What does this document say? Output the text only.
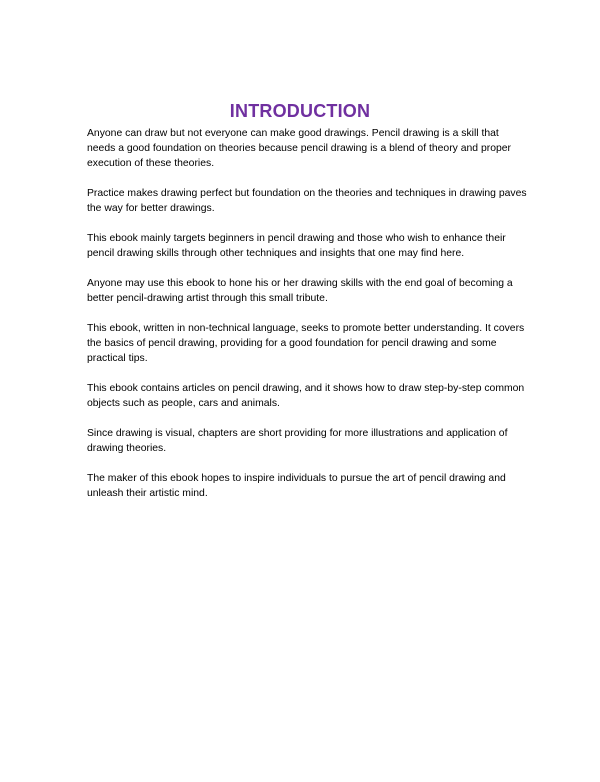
INTRODUCTION

Anyone can draw but not everyone can make good drawings. Pencil drawing is a skill that needs a good foundation on theories because pencil drawing is a blend of theory and proper execution of these theories.

Practice makes drawing perfect but foundation on the theories and techniques in drawing paves the way for better drawings.

This ebook mainly targets beginners in pencil drawing and those who wish to enhance their pencil drawing skills through other techniques and insights that one may find here.

Anyone may use this ebook to hone his or her drawing skills with the end goal of becoming a better pencil-drawing artist through this small tribute.

This ebook, written in non-technical language, seeks to promote better understanding. It covers the basics of pencil drawing, providing for a good foundation for pencil drawing and some practical tips.

This ebook contains articles on pencil drawing, and it shows how to draw step-by-step common objects such as people, cars and animals.

Since drawing is visual, chapters are short providing for more illustrations and application of drawing theories.

The maker of this ebook hopes to inspire individuals to pursue the art of pencil drawing and unleash their artistic mind.
